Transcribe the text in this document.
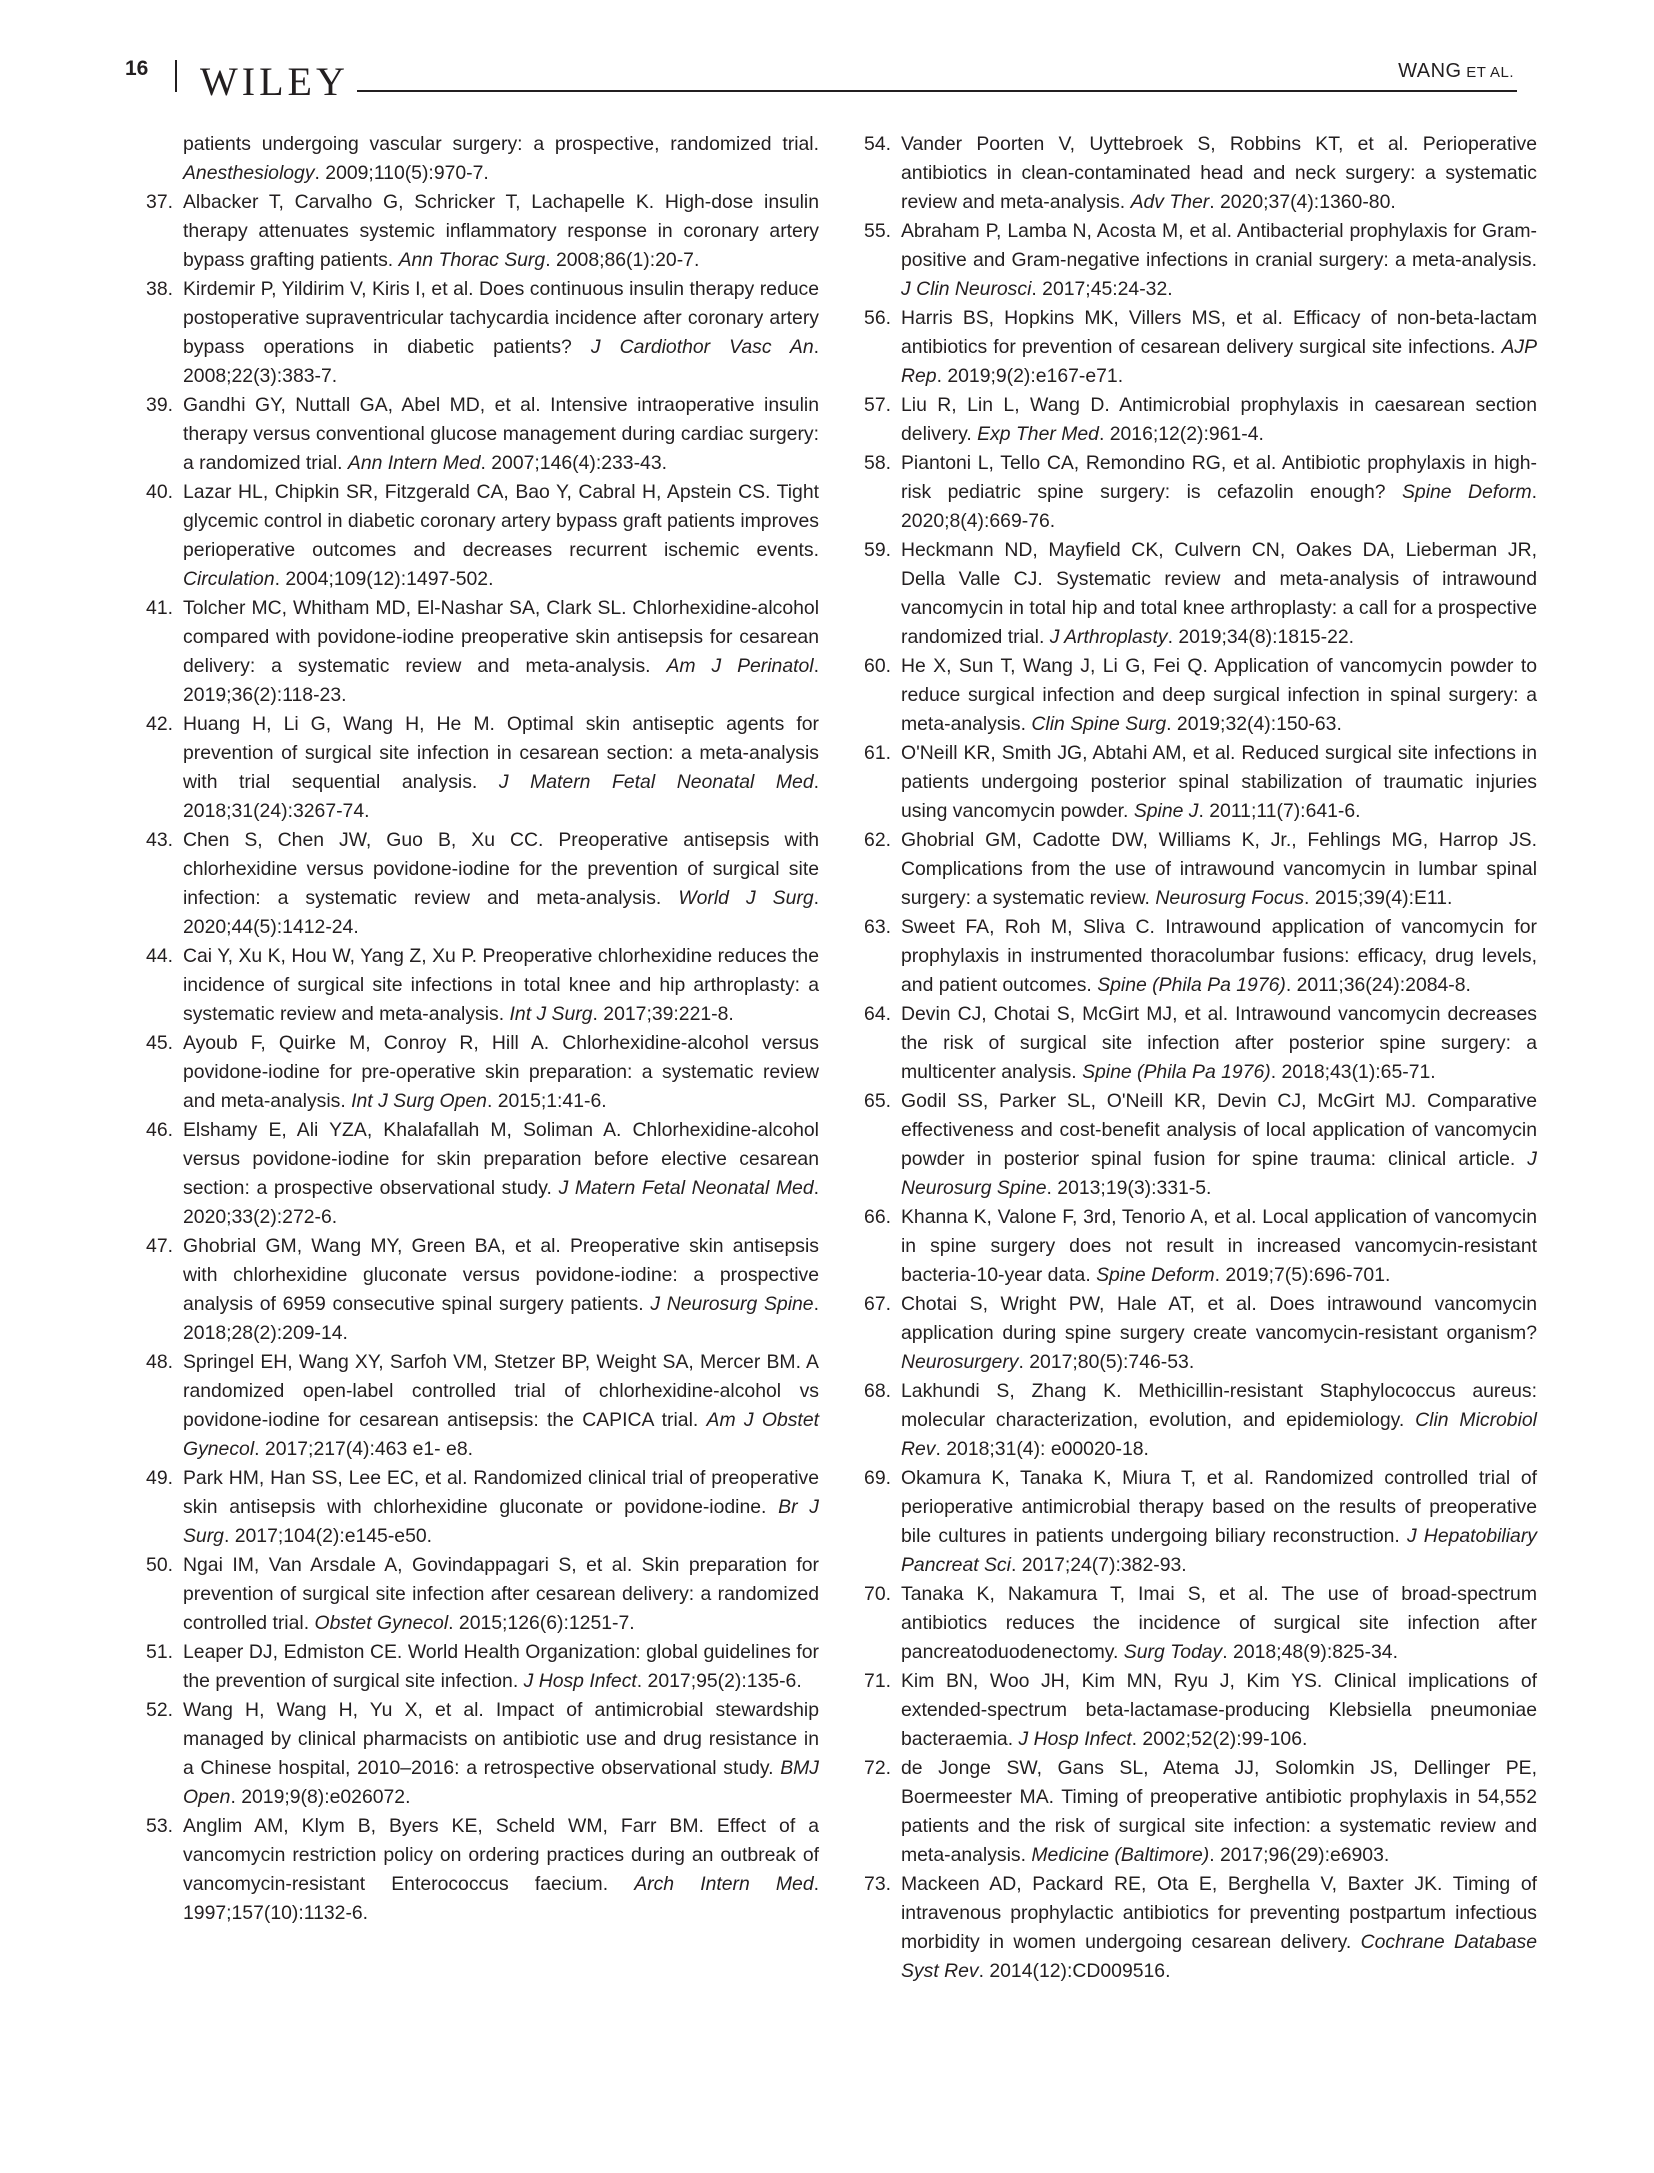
16 WILEY	WANG ET AL.
patients undergoing vascular surgery: a prospective, randomized trial. Anesthesiology. 2009;110(5):970-7.
37. Albacker T, Carvalho G, Schricker T, Lachapelle K. High-dose insulin therapy attenuates systemic inflammatory response in coronary artery bypass grafting patients. Ann Thorac Surg. 2008;86(1):20-7.
38. Kirdemir P, Yildirim V, Kiris I, et al. Does continuous insulin therapy reduce postoperative supraventricular tachycardia incidence after coronary artery bypass operations in diabetic patients? J Cardiothor Vasc An. 2008;22(3):383-7.
39. Gandhi GY, Nuttall GA, Abel MD, et al. Intensive intraoperative insulin therapy versus conventional glucose management during cardiac surgery: a randomized trial. Ann Intern Med. 2007;146(4):233-43.
40. Lazar HL, Chipkin SR, Fitzgerald CA, Bao Y, Cabral H, Apstein CS. Tight glycemic control in diabetic coronary artery bypass graft patients improves perioperative outcomes and decreases recurrent ischemic events. Circulation. 2004;109(12):1497-502.
41. Tolcher MC, Whitham MD, El-Nashar SA, Clark SL. Chlorhexidine-alcohol compared with povidone-iodine preoperative skin antisepsis for cesarean delivery: a systematic review and meta-analysis. Am J Perinatol. 2019;36(2):118-23.
42. Huang H, Li G, Wang H, He M. Optimal skin antiseptic agents for prevention of surgical site infection in cesarean section: a meta-analysis with trial sequential analysis. J Matern Fetal Neonatal Med. 2018;31(24):3267-74.
43. Chen S, Chen JW, Guo B, Xu CC. Preoperative antisepsis with chlorhexidine versus povidone-iodine for the prevention of surgical site infection: a systematic review and meta-analysis. World J Surg. 2020;44(5):1412-24.
44. Cai Y, Xu K, Hou W, Yang Z, Xu P. Preoperative chlorhexidine reduces the incidence of surgical site infections in total knee and hip arthroplasty: a systematic review and meta-analysis. Int J Surg. 2017;39:221-8.
45. Ayoub F, Quirke M, Conroy R, Hill A. Chlorhexidine-alcohol versus povidone-iodine for pre-operative skin preparation: a systematic review and meta-analysis. Int J Surg Open. 2015;1:41-6.
46. Elshamy E, Ali YZA, Khalafallah M, Soliman A. Chlorhexidine-alcohol versus povidone-iodine for skin preparation before elective cesarean section: a prospective observational study. J Matern Fetal Neonatal Med. 2020;33(2):272-6.
47. Ghobrial GM, Wang MY, Green BA, et al. Preoperative skin antisepsis with chlorhexidine gluconate versus povidone-iodine: a prospective analysis of 6959 consecutive spinal surgery patients. J Neurosurg Spine. 2018;28(2):209-14.
48. Springel EH, Wang XY, Sarfoh VM, Stetzer BP, Weight SA, Mercer BM. A randomized open-label controlled trial of chlorhexidine-alcohol vs povidone-iodine for cesarean antisepsis: the CAPICA trial. Am J Obstet Gynecol. 2017;217(4):463 e1- e8.
49. Park HM, Han SS, Lee EC, et al. Randomized clinical trial of preoperative skin antisepsis with chlorhexidine gluconate or povidone-iodine. Br J Surg. 2017;104(2):e145-e50.
50. Ngai IM, Van Arsdale A, Govindappagari S, et al. Skin preparation for prevention of surgical site infection after cesarean delivery: a randomized controlled trial. Obstet Gynecol. 2015;126(6):1251-7.
51. Leaper DJ, Edmiston CE. World Health Organization: global guidelines for the prevention of surgical site infection. J Hosp Infect. 2017;95(2):135-6.
52. Wang H, Wang H, Yu X, et al. Impact of antimicrobial stewardship managed by clinical pharmacists on antibiotic use and drug resistance in a Chinese hospital, 2010–2016: a retrospective observational study. BMJ Open. 2019;9(8):e026072.
53. Anglim AM, Klym B, Byers KE, Scheld WM, Farr BM. Effect of a vancomycin restriction policy on ordering practices during an outbreak of vancomycin-resistant Enterococcus faecium. Arch Intern Med. 1997;157(10):1132-6.
54. Vander Poorten V, Uyttebroek S, Robbins KT, et al. Perioperative antibiotics in clean-contaminated head and neck surgery: a systematic review and meta-analysis. Adv Ther. 2020;37(4):1360-80.
55. Abraham P, Lamba N, Acosta M, et al. Antibacterial prophylaxis for Gram-positive and Gram-negative infections in cranial surgery: a meta-analysis. J Clin Neurosci. 2017;45:24-32.
56. Harris BS, Hopkins MK, Villers MS, et al. Efficacy of non-beta-lactam antibiotics for prevention of cesarean delivery surgical site infections. AJP Rep. 2019;9(2):e167-e71.
57. Liu R, Lin L, Wang D. Antimicrobial prophylaxis in caesarean section delivery. Exp Ther Med. 2016;12(2):961-4.
58. Piantoni L, Tello CA, Remondino RG, et al. Antibiotic prophylaxis in high-risk pediatric spine surgery: is cefazolin enough? Spine Deform. 2020;8(4):669-76.
59. Heckmann ND, Mayfield CK, Culvern CN, Oakes DA, Lieberman JR, Della Valle CJ. Systematic review and meta-analysis of intrawound vancomycin in total hip and total knee arthroplasty: a call for a prospective randomized trial. J Arthroplasty. 2019;34(8):1815-22.
60. He X, Sun T, Wang J, Li G, Fei Q. Application of vancomycin powder to reduce surgical infection and deep surgical infection in spinal surgery: a meta-analysis. Clin Spine Surg. 2019;32(4):150-63.
61. O'Neill KR, Smith JG, Abtahi AM, et al. Reduced surgical site infections in patients undergoing posterior spinal stabilization of traumatic injuries using vancomycin powder. Spine J. 2011;11(7):641-6.
62. Ghobrial GM, Cadotte DW, Williams K, Jr., Fehlings MG, Harrop JS. Complications from the use of intrawound vancomycin in lumbar spinal surgery: a systematic review. Neurosurg Focus. 2015;39(4):E11.
63. Sweet FA, Roh M, Sliva C. Intrawound application of vancomycin for prophylaxis in instrumented thoracolumbar fusions: efficacy, drug levels, and patient outcomes. Spine (Phila Pa 1976). 2011;36(24):2084-8.
64. Devin CJ, Chotai S, McGirt MJ, et al. Intrawound vancomycin decreases the risk of surgical site infection after posterior spine surgery: a multicenter analysis. Spine (Phila Pa 1976). 2018;43(1):65-71.
65. Godil SS, Parker SL, O'Neill KR, Devin CJ, McGirt MJ. Comparative effectiveness and cost-benefit analysis of local application of vancomycin powder in posterior spinal fusion for spine trauma: clinical article. J Neurosurg Spine. 2013;19(3):331-5.
66. Khanna K, Valone F, 3rd, Tenorio A, et al. Local application of vancomycin in spine surgery does not result in increased vancomycin-resistant bacteria-10-year data. Spine Deform. 2019;7(5):696-701.
67. Chotai S, Wright PW, Hale AT, et al. Does intrawound vancomycin application during spine surgery create vancomycin-resistant organism? Neurosurgery. 2017;80(5):746-53.
68. Lakhundi S, Zhang K. Methicillin-resistant Staphylococcus aureus: molecular characterization, evolution, and epidemiology. Clin Microbiol Rev. 2018;31(4): e00020-18.
69. Okamura K, Tanaka K, Miura T, et al. Randomized controlled trial of perioperative antimicrobial therapy based on the results of preoperative bile cultures in patients undergoing biliary reconstruction. J Hepatobiliary Pancreat Sci. 2017;24(7):382-93.
70. Tanaka K, Nakamura T, Imai S, et al. The use of broad-spectrum antibiotics reduces the incidence of surgical site infection after pancreatoduodenectomy. Surg Today. 2018;48(9):825-34.
71. Kim BN, Woo JH, Kim MN, Ryu J, Kim YS. Clinical implications of extended-spectrum beta-lactamase-producing Klebsiella pneumoniae bacteraemia. J Hosp Infect. 2002;52(2):99-106.
72. de Jonge SW, Gans SL, Atema JJ, Solomkin JS, Dellinger PE, Boermeester MA. Timing of preoperative antibiotic prophylaxis in 54,552 patients and the risk of surgical site infection: a systematic review and meta-analysis. Medicine (Baltimore). 2017;96(29):e6903.
73. Mackeen AD, Packard RE, Ota E, Berghella V, Baxter JK. Timing of intravenous prophylactic antibiotics for preventing postpartum infectious morbidity in women undergoing cesarean delivery. Cochrane Database Syst Rev. 2014(12):CD009516.
